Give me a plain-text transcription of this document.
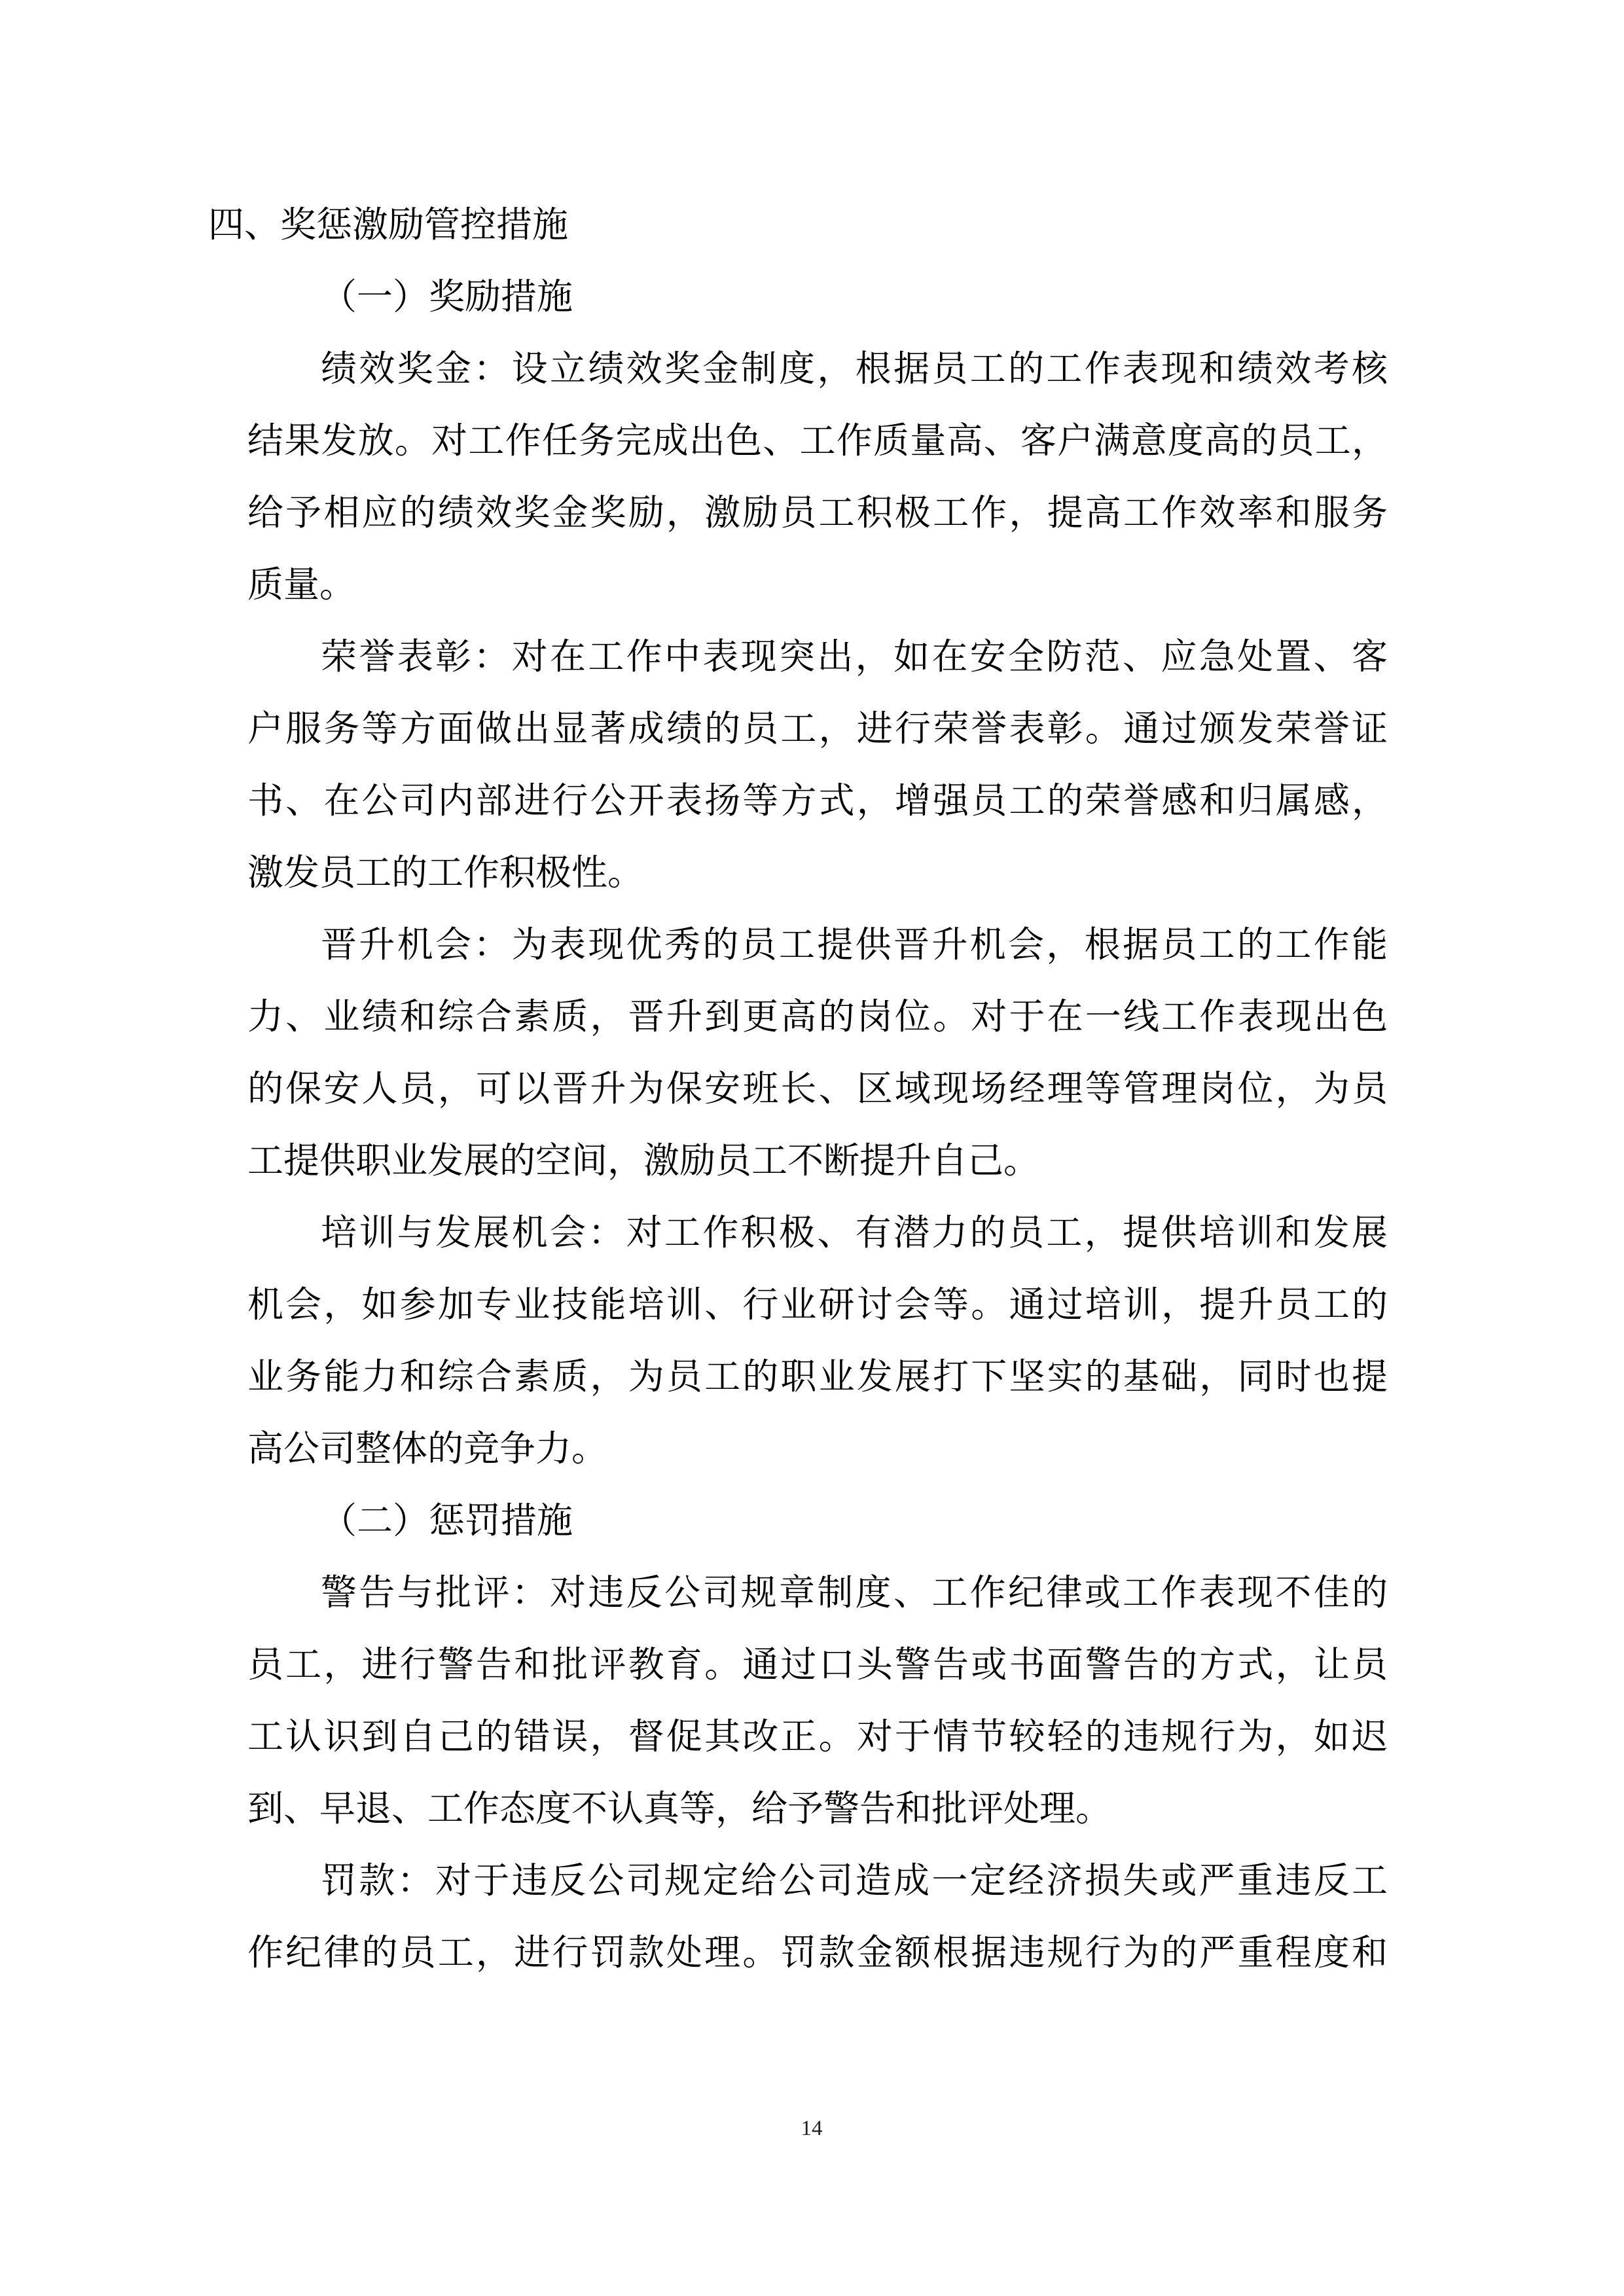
四、奖惩激励管控措施
（一）奖励措施
绩效奖金：设立绩效奖金制度，根据员工的工作表现和绩效考核
结果发放。对工作任务完成出色、工作质量高、客户满意度高的员工，
给予相应的绩效奖金奖励，激励员工积极工作，提高工作效率和服务
质量。
荣誉表彰：对在工作中表现突出，如在安全防范、应急处置、客
户服务等方面做出显著成绩的员工，进行荣誉表彰。通过颁发荣誉证
书、在公司内部进行公开表扬等方式，增强员工的荣誉感和归属感，
激发员工的工作积极性。
晋升机会：为表现优秀的员工提供晋升机会，根据员工的工作能
力、业绩和综合素质，晋升到更高的岗位。对于在一线工作表现出色
的保安人员，可以晋升为保安班长、区域现场经理等管理岗位，为员
工提供职业发展的空间，激励员工不断提升自己。
培训与发展机会：对工作积极、有潜力的员工，提供培训和发展
机会，如参加专业技能培训、行业研讨会等。通过培训，提升员工的
业务能力和综合素质，为员工的职业发展打下坚实的基础，同时也提
高公司整体的竞争力。
（二）惩罚措施
警告与批评：对违反公司规章制度、工作纪律或工作表现不佳的
员工，进行警告和批评教育。通过口头警告或书面警告的方式，让员
工认识到自己的错误，督促其改正。对于情节较轻的违规行为，如迟
到、早退、工作态度不认真等，给予警告和批评处理。
罚款：对于违反公司规定给公司造成一定经济损失或严重违反工
作纪律的员工，进行罚款处理。罚款金额根据违规行为的严重程度和
14
